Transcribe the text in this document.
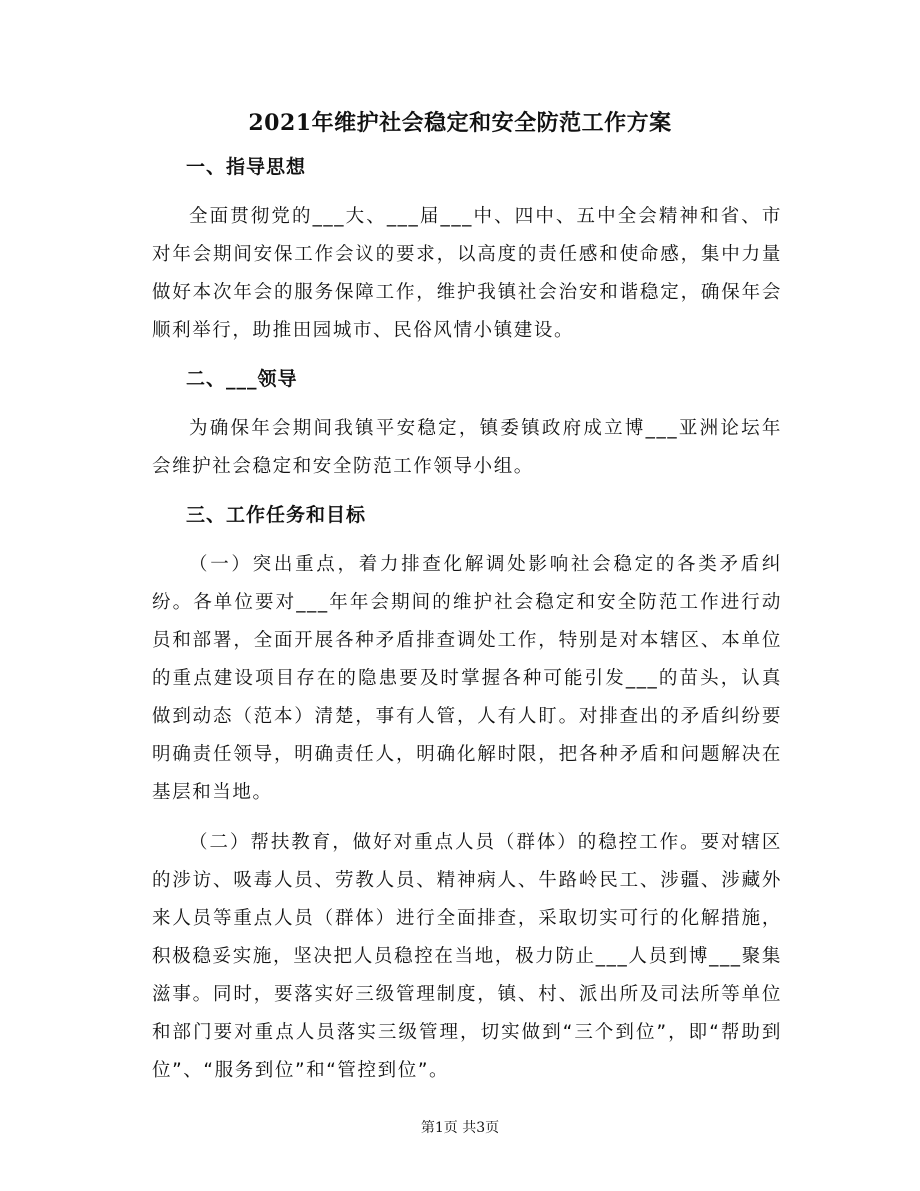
2021年维护社会稳定和安全防范工作方案
一、指导思想

全面贯彻党的___大、___届___中、四中、五中全会精神和省、市对年会期间安保工作会议的要求，以高度的责任感和使命感，集中力量做好本次年会的服务保障工作，维护我镇社会治安和谐稳定，确保年会顺利举行，助推田园城市、民俗风情小镇建设。

二、___领导

为确保年会期间我镇平安稳定，镇委镇政府成立博___亚洲论坛年会维护社会稳定和安全防范工作领导小组。

三、工作任务和目标

（一）突出重点，着力排查化解调处影响社会稳定的各类矛盾纠纷。各单位要对___年年会期间的维护社会稳定和安全防范工作进行动员和部署，全面开展各种矛盾排查调处工作，特别是对本辖区、本单位的重点建设项目存在的隐患要及时掌握各种可能引发___的苗头，认真做到动态（范本）清楚，事有人管，人有人盯。对排查出的矛盾纠纷要明确责任领导，明确责任人，明确化解时限，把各种矛盾和问题解决在基层和当地。

（二）帮扶教育，做好对重点人员（群体）的稳控工作。要对辖区的涉访、吸毒人员、劳教人员、精神病人、牛路岭民工、涉疆、涉藏外来人员等重点人员（群体）进行全面排查，采取切实可行的化解措施，积极稳妥实施，坚决把人员稳控在当地，极力防止___人员到博___聚集滋事。同时，要落实好三级管理制度，镇、村、派出所及司法所等单位和部门要对重点人员落实三级管理，切实做到“三个到位”，即“帮助到位”、“服务到位”和“管控到位”。

第1页 共3页
